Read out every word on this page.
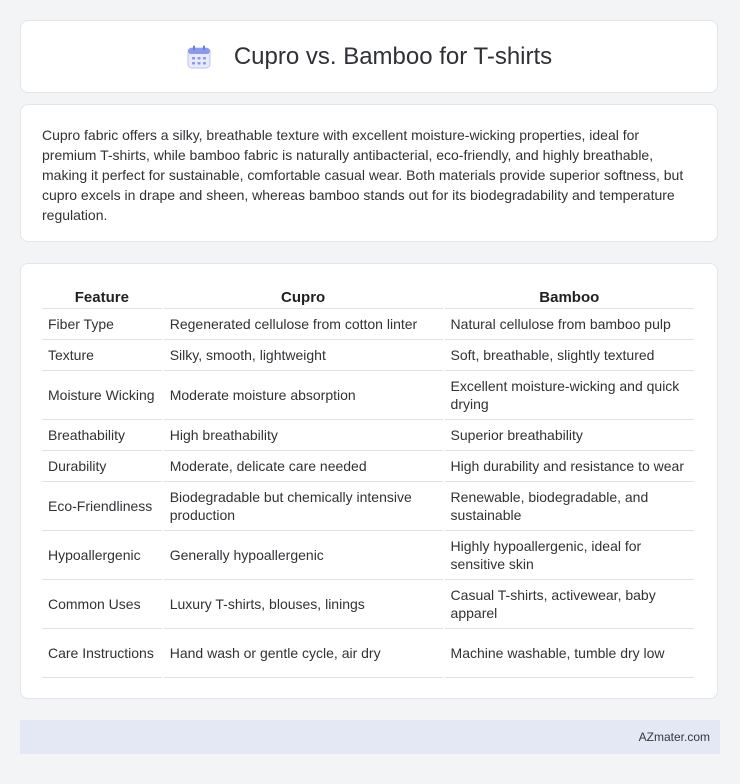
Cupro vs. Bamboo for T-shirts

Cupro fabric offers a silky, breathable texture with excellent moisture-wicking properties, ideal for premium T-shirts, while bamboo fabric is naturally antibacterial, eco-friendly, and highly breathable, making it perfect for sustainable, comfortable casual wear. Both materials provide superior softness, but cupro excels in drape and sheen, whereas bamboo stands out for its biodegradability and temperature regulation.

Feature	Cupro	Bamboo
Fiber Type	Regenerated cellulose from cotton linter	Natural cellulose from bamboo pulp
Texture	Silky, smooth, lightweight	Soft, breathable, slightly textured
Moisture Wicking	Moderate moisture absorption	Excellent moisture-wicking and quick drying
Breathability	High breathability	Superior breathability
Durability	Moderate, delicate care needed	High durability and resistance to wear
Eco-Friendliness	Biodegradable but chemically intensive production	Renewable, biodegradable, and sustainable
Hypoallergenic	Generally hypoallergenic	Highly hypoallergenic, ideal for sensitive skin
Common Uses	Luxury T-shirts, blouses, linings	Casual T-shirts, activewear, baby apparel
Care Instructions	Hand wash or gentle cycle, air dry	Machine washable, tumble dry low
AZmater.com
